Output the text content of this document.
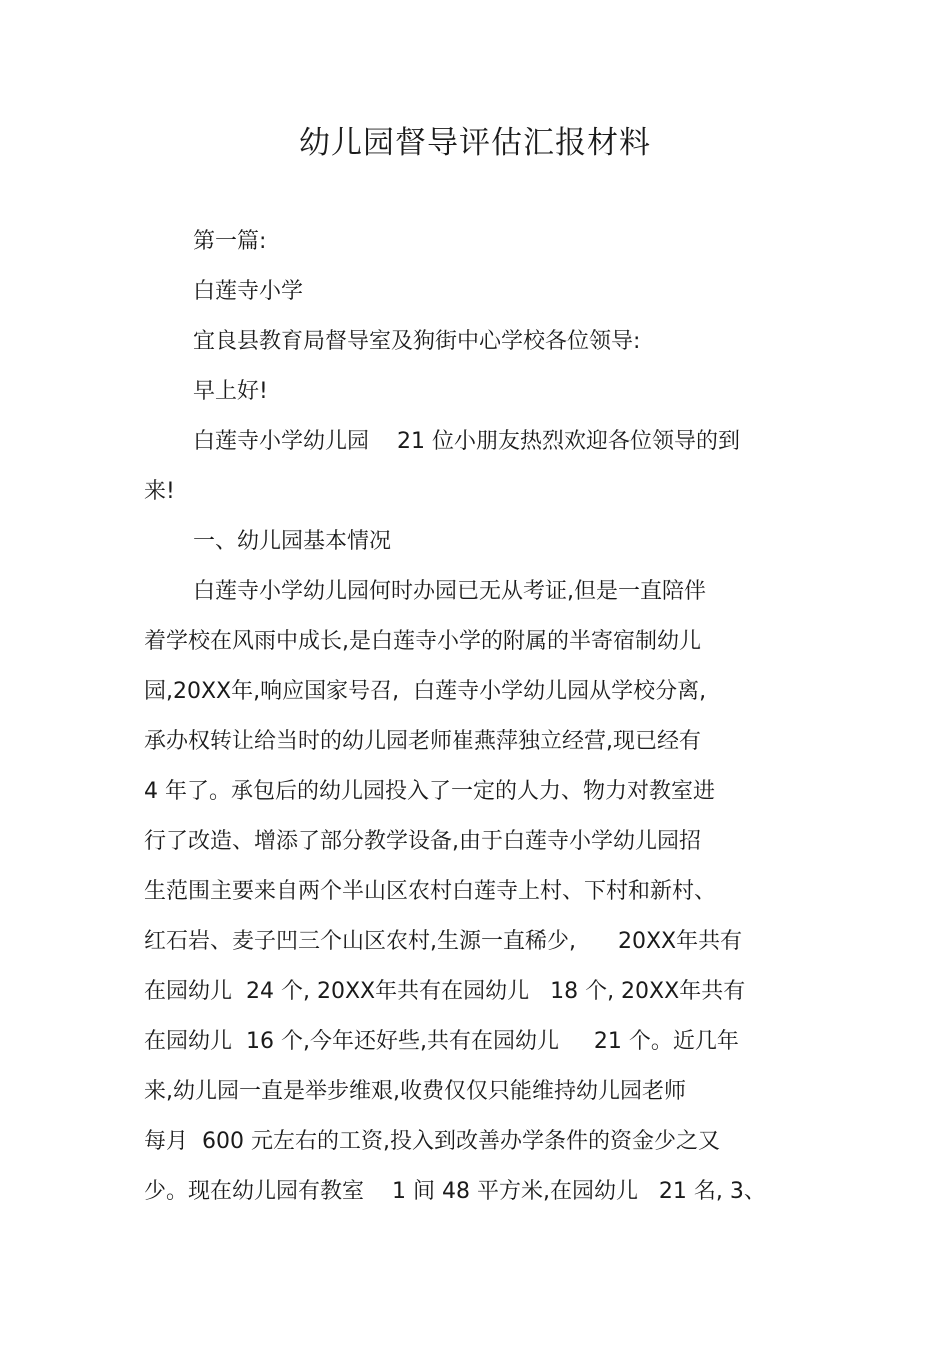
幼儿园督导评估汇报材料
第一篇:
白莲寺小学
宜良县教育局督导室及狗街中心学校各位领导:
早上好!
白莲寺小学幼儿园    21 位小朋友热烈欢迎各位领导的到
来!
一、幼儿园基本情况
白莲寺小学幼儿园何时办园已无从考证,但是一直陪伴
着学校在风雨中成长,是白莲寺小学的附属的半寄宿制幼儿
园,20XX年,响应国家号召,  白莲寺小学幼儿园从学校分离,
承办权转让给当时的幼儿园老师崔燕萍独立经营,现已经有
4 年了。承包后的幼儿园投入了一定的人力、物力对教室进
行了改造、增添了部分教学设备,由于白莲寺小学幼儿园招
生范围主要来自两个半山区农村白莲寺上村、下村和新村、
红石岩、麦子凹三个山区农村,生源一直稀少,      20XX年共有
在园幼儿  24 个, 20XX年共有在园幼儿   18 个, 20XX年共有
在园幼儿  16 个,今年还好些,共有在园幼儿     21 个。近几年
来,幼儿园一直是举步维艰,收费仅仅只能维持幼儿园老师
每月  600 元左右的工资,投入到改善办学条件的资金少之又
少。现在幼儿园有教室    1 间 48 平方米,在园幼儿   21 名, 3、
